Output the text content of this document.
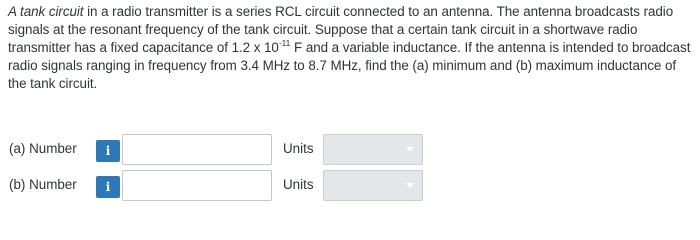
A tank circuit in a radio transmitter is a series RCL circuit connected to an antenna. The antenna broadcasts radio signals at the resonant frequency of the tank circuit. Suppose that a certain tank circuit in a shortwave radio transmitter has a fixed capacitance of 1.2 x $10^{-11}$ F and a variable inductance. If the antenna is intended to broadcast radio signals ranging in frequency from 3.4 MHz to 8.7 MHz, find the (a) minimum and (b) maximum inductance of the tank circuit.
(a) Number	i	Units
(b) Number	i	Units
